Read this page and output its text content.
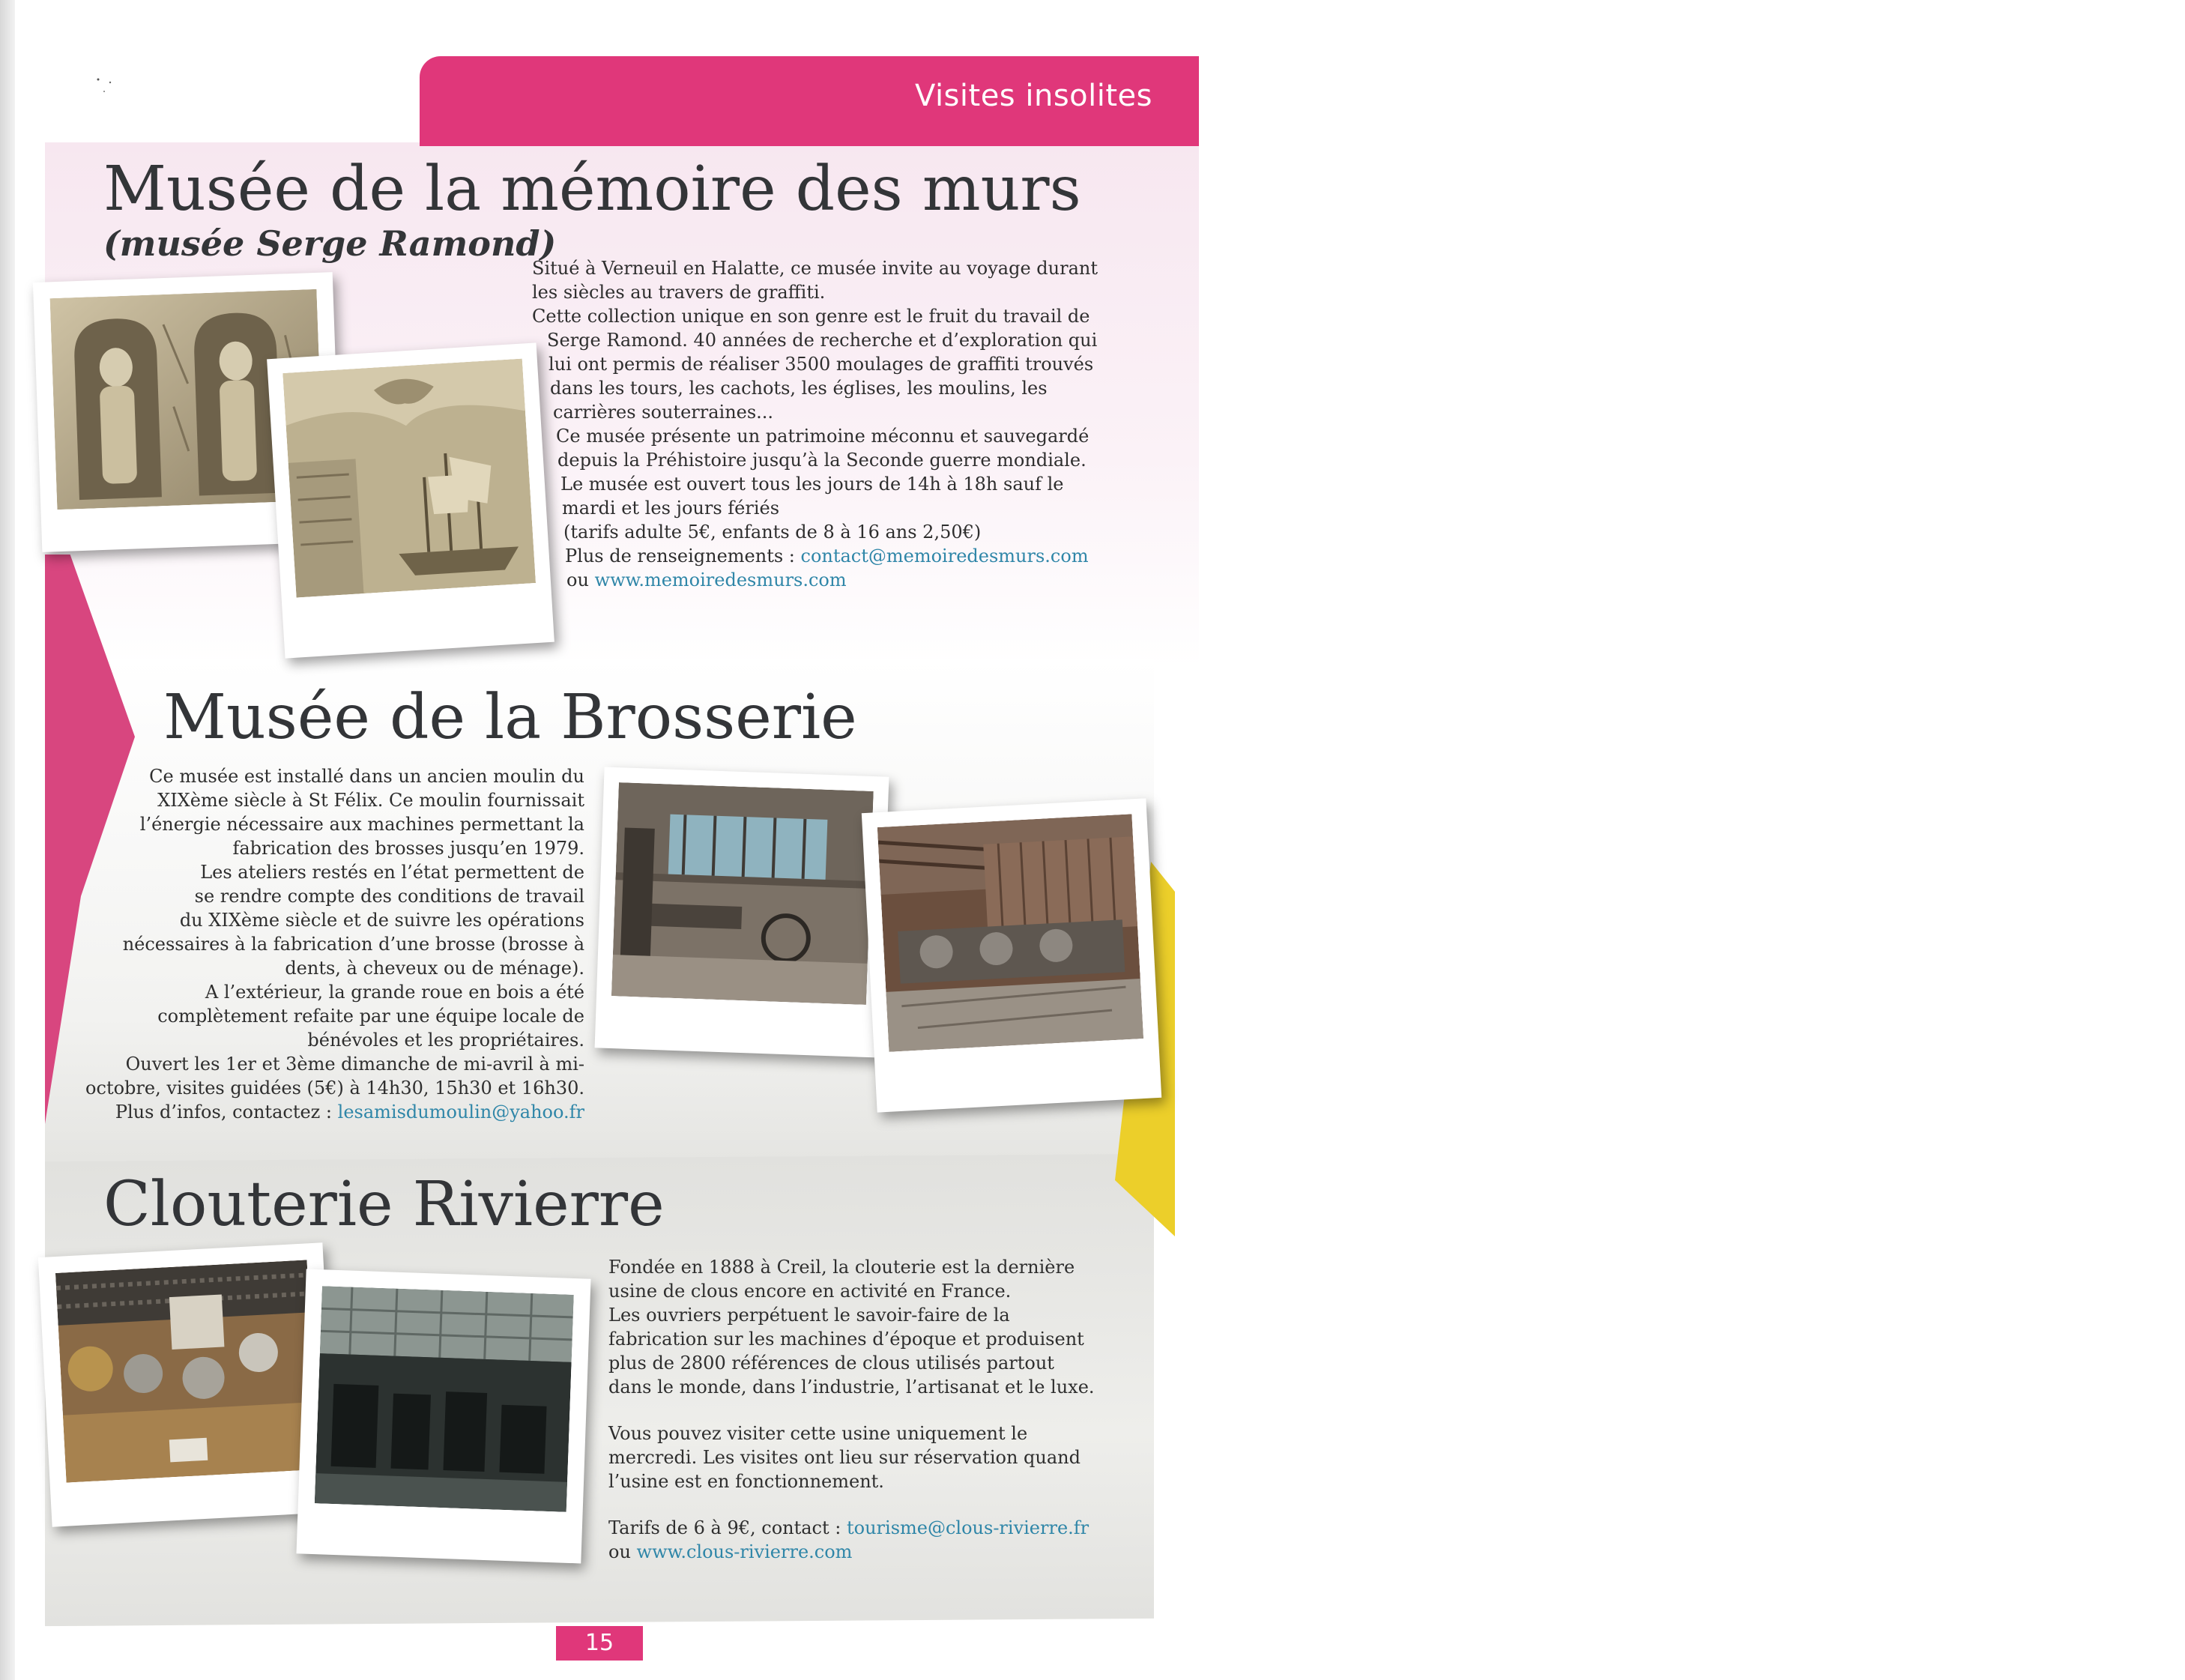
Visites insolites
Musée de la mémoire des murs
(musée Serge Ramond)

Situé à Verneuil en Halatte, ce musée invite au voyage durant

les siècles au travers de graffiti.

Cette collection unique en son genre est le fruit du travail de

Serge Ramond. 40 années de recherche et d’exploration qui

lui ont permis de réaliser 3500 moulages de graffiti trouvés

dans les tours, les cachots, les églises, les moulins, les

carrières souterraines...

Ce musée présente un patrimoine méconnu et sauvegardé

depuis la Préhistoire jusqu’à la Seconde guerre mondiale.

Le musée est ouvert tous les jours de 14h à 18h sauf le

mardi et les jours fériés

(tarifs adulte 5€, enfants de 8 à 16 ans 2,50€)

Plus de renseignements : contact@memoiredesmurs.com

ou www.memoiredesmurs.com

Musée de la Brosserie

Ce musée est installé dans un ancien moulin du

XIXème siècle à St Félix. Ce moulin fournissait

l’énergie nécessaire aux machines permettant la

fabrication des brosses jusqu’en 1979.

Les ateliers restés en l’état permettent de

se rendre compte des conditions de travail

du XIXème siècle et de suivre les opérations

nécessaires à la fabrication d’une brosse (brosse à

dents, à cheveux ou de ménage).

A l’extérieur, la grande roue en bois a été

complètement refaite par une équipe locale de

bénévoles et les propriétaires.

Ouvert les 1er et 3ème dimanche de mi-avril à mi-

octobre, visites guidées (5€) à 14h30, 15h30 et 16h30.

Plus d’infos, contactez : lesamisdumoulin@yahoo.fr

Clouterie Rivierre

Fondée en 1888 à Creil, la clouterie est la dernière

usine de clous encore en activité en France.

Les ouvriers perpétuent le savoir-faire de la

fabrication sur les machines d’époque et produisent

plus de 2800 références de clous utilisés partout

dans le monde, dans l’industrie, l’artisanat et le luxe.

Vous pouvez visiter cette usine uniquement le

mercredi. Les visites ont lieu sur réservation quand

l’usine est en fonctionnement.

Tarifs de 6 à 9€, contact : tourisme@clous-rivierre.fr

ou www.clous-rivierre.com

15
